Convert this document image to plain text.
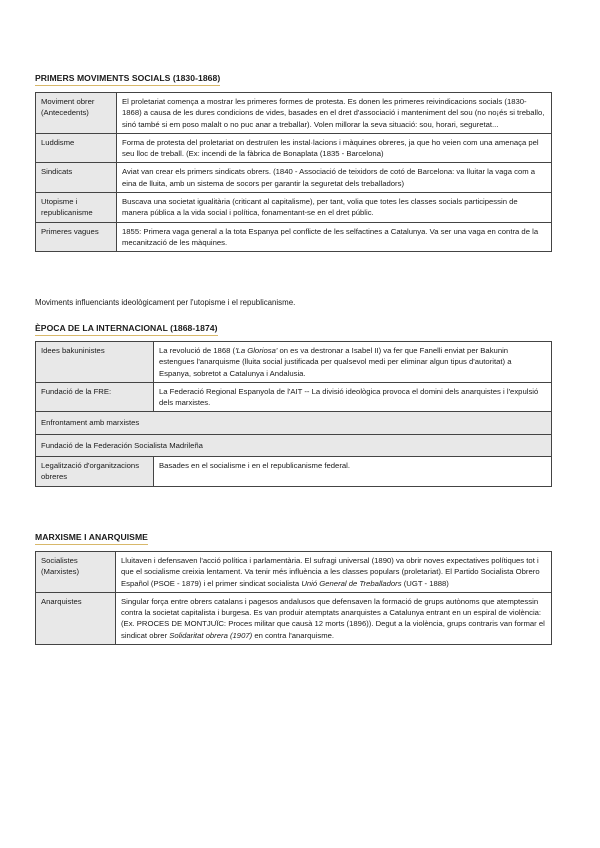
PRIMERS MOVIMENTS SOCIALS (1830-1868)
Moviment obrer (Antecedents)	El proletariat comença a mostrar les primeres formes de protesta. Es donen les primeres reivindicacions socials (1830-1868) a causa de les dures condicions de vides, basades en el dret d'associació i manteniment del sou (no no¡és si treballo, sinó també si em poso malalt o no puc anar a treballar). Volen millorar la seva situació: sou, horari, seguretat...
Luddisme	Forma de protesta del proletariat on destruïen les instal·lacions i màquines obreres, ja que ho veien com una amenaça pel seu lloc de treball. (Ex: incendi de la fàbrica de Bonaplata (1835 - Barcelona)
Sindicats	Aviat van crear els primers sindicats obrers. (1840 - Associació de teixidors de cotó de Barcelona: va lluitar la vaga com a eina de lluita, amb un sistema de socors per garantir la seguretat dels treballadors)
Utopisme i republicanisme	Buscava una societat igualitària (criticant al capitalisme), per tant, volia que totes les classes socials participessin de manera pública a la vida social i política, fonamentant-se en el dret públic.
Primeres vagues	1855: Primera vaga general a la tota Espanya pel conflicte de les selfactines a Catalunya. Va ser una vaga en contra de la mecanització de les màquines.
Moviments influenciants ideològicament per l'utopisme i el republicanisme.
ÈPOCA DE LA INTERNACIONAL (1868-1874)
Idees bakuninistes	La revolució de 1868 ('La Gloriosa' on es va destronar a Isabel II) va fer que Fanelli enviat per Bakunin estengues l'anarquisme (lluita social justificada per qualsevol medi per eliminar algun tipus d'autoritat) a Espanya, sobretot a Catalunya i Andalusia.
Fundació de la FRE:	La Federació Regional Espanyola de l'AIT -- La divisió ideològica provoca el domini dels anarquistes i l'expulsió dels marxistes.
Enfrontament amb marxistes	
Fundació de la Federación Socialista Madrileña	
Legalització d'organitzacions obreres	Basades en el socialisme i en el republicanisme federal.
MARXISME I ANARQUISME
Socialistes (Marxistes)	Lluitaven i defensaven l'acció política i parlamentària. El sufragi universal (1890) va obrir noves expectatives polítiques tot i que el socialisme creixia lentament. Va tenir més influència a les classes populars (proletariat). El Partido Socialista Obrero Español (PSOE - 1879) i el primer sindicat socialista Unió General de Treballadors (UGT - 1888)
Anarquistes	Singular força entre obrers catalans i pagesos andalusos que defensaven la formació de grups autònoms que atemptessin contra la societat capitalista i burgesa. Es van produir atemptats anarquistes a Catalunya entrant en un espiral de violència: (Ex. PROCES DE MONTJUÏC: Proces militar que causà 12 morts (1896)). Degut a la violència, grups contraris van formar el sindicat obrer Solidaritat obrera (1907) en contra l'anarquisme.
